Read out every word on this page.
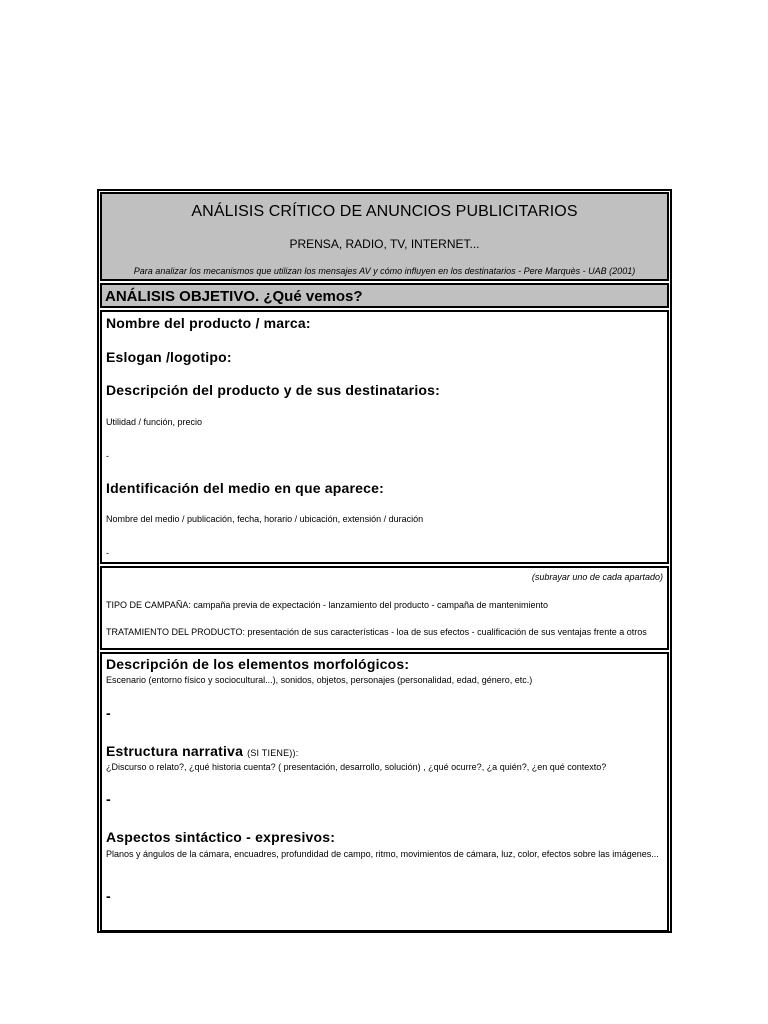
ANÁLISIS CRÍTICO DE ANUNCIOS PUBLICITARIOS
PRENSA, RADIO, TV, INTERNET...
Para analizar los mecanismos que utilizan los mensajes AV y cómo influyen en los destinatarios - Pere Marquès - UAB (2001)
ANÁLISIS OBJETIVO. ¿Qué vemos?
Nombre del producto / marca:
Eslogan /logotipo:
Descripción del producto y de sus destinatarios:
Utilidad / función, precio
-
Identificación del medio en que aparece:
Nombre del medio / publicación, fecha, horario / ubicación, extensión / duración
-
(subrayar uno de cada apartado)
TIPO DE CAMPAÑA: campaña previa de expectación - lanzamiento del producto - campaña de mantenimiento
TRATAMIENTO DEL PRODUCTO: presentación de sus características - loa de sus efectos - cualificación de sus ventajas frente a otros
Descripción de los elementos morfológicos:
Escenario (entorno físico y sociocultural...), sonidos, objetos, personajes (personalidad, edad, género, etc.)
-
Estructura narrativa (SI TIENE)):
¿Discurso o relato?, ¿qué historia cuenta? ( presentación, desarrollo, solución) , ¿qué ocurre?, ¿a quién?, ¿en qué contexto?
-
Aspectos sintáctico - expresivos:
Planos y ángulos de la cámara, encuadres, profundidad de campo, ritmo, movimientos de cámara, luz, color, efectos sobre las imágenes...
-
